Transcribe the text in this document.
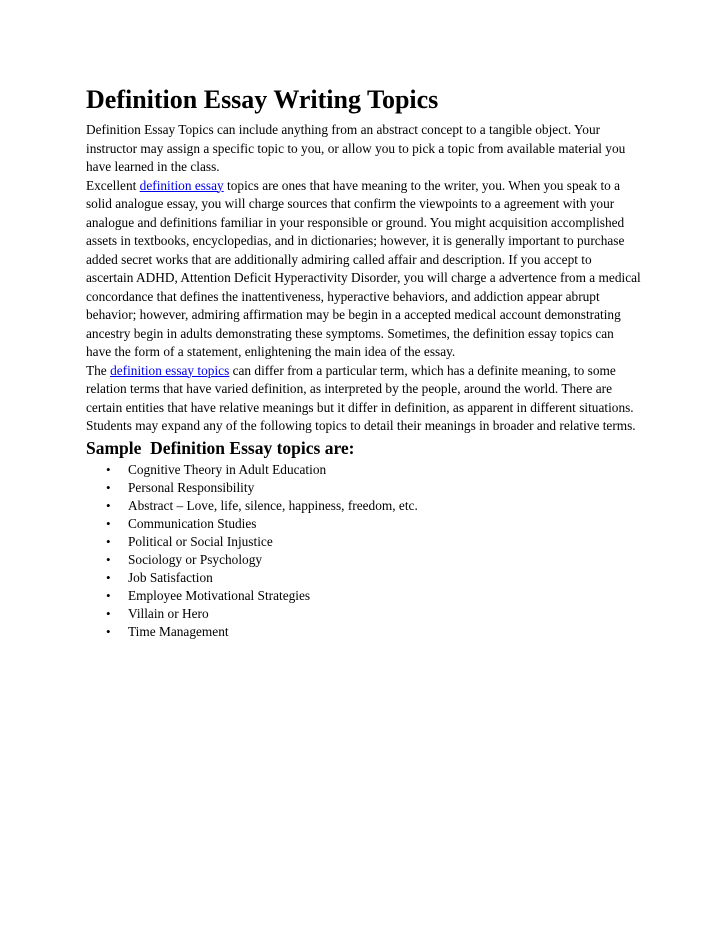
Definition Essay Writing Topics

Definition Essay Topics can include anything from an abstract concept to a tangible object. Your instructor may assign a specific topic to you, or allow you to pick a topic from available material you have learned in the class.

Excellent definition essay topics are ones that have meaning to the writer, you. When you speak to a solid analogue essay, you will charge sources that confirm the viewpoints to a agreement with your analogue and definitions familiar in your responsible or ground. You might acquisition accomplished assets in textbooks, encyclopedias, and in dictionaries; however, it is generally important to purchase added secret works that are additionally admiring called affair and description. If you accept to ascertain ADHD, Attention Deficit Hyperactivity Disorder, you will charge a advertence from a medical concordance that defines the inattentiveness, hyperactive behaviors, and addiction appear abrupt behavior; however, admiring affirmation may be begin in a accepted medical account demonstrating ancestry begin in adults demonstrating these symptoms. Sometimes, the definition essay topics can have the form of a statement, enlightening the main idea of the essay.

The definition essay topics can differ from a particular term, which has a definite meaning, to some relation terms that have varied definition, as interpreted by the people, around the world. There are certain entities that have relative meanings but it differ in definition, as apparent in different situations. Students may expand any of the following topics to detail their meanings in broader and relative terms.

Sample  Definition Essay topics are:
• Cognitive Theory in Adult Education
• Personal Responsibility
• Abstract – Love, life, silence, happiness, freedom, etc.
• Communication Studies
• Political or Social Injustice
• Sociology or Psychology
• Job Satisfaction
• Employee Motivational Strategies
• Villain or Hero
• Time Management
